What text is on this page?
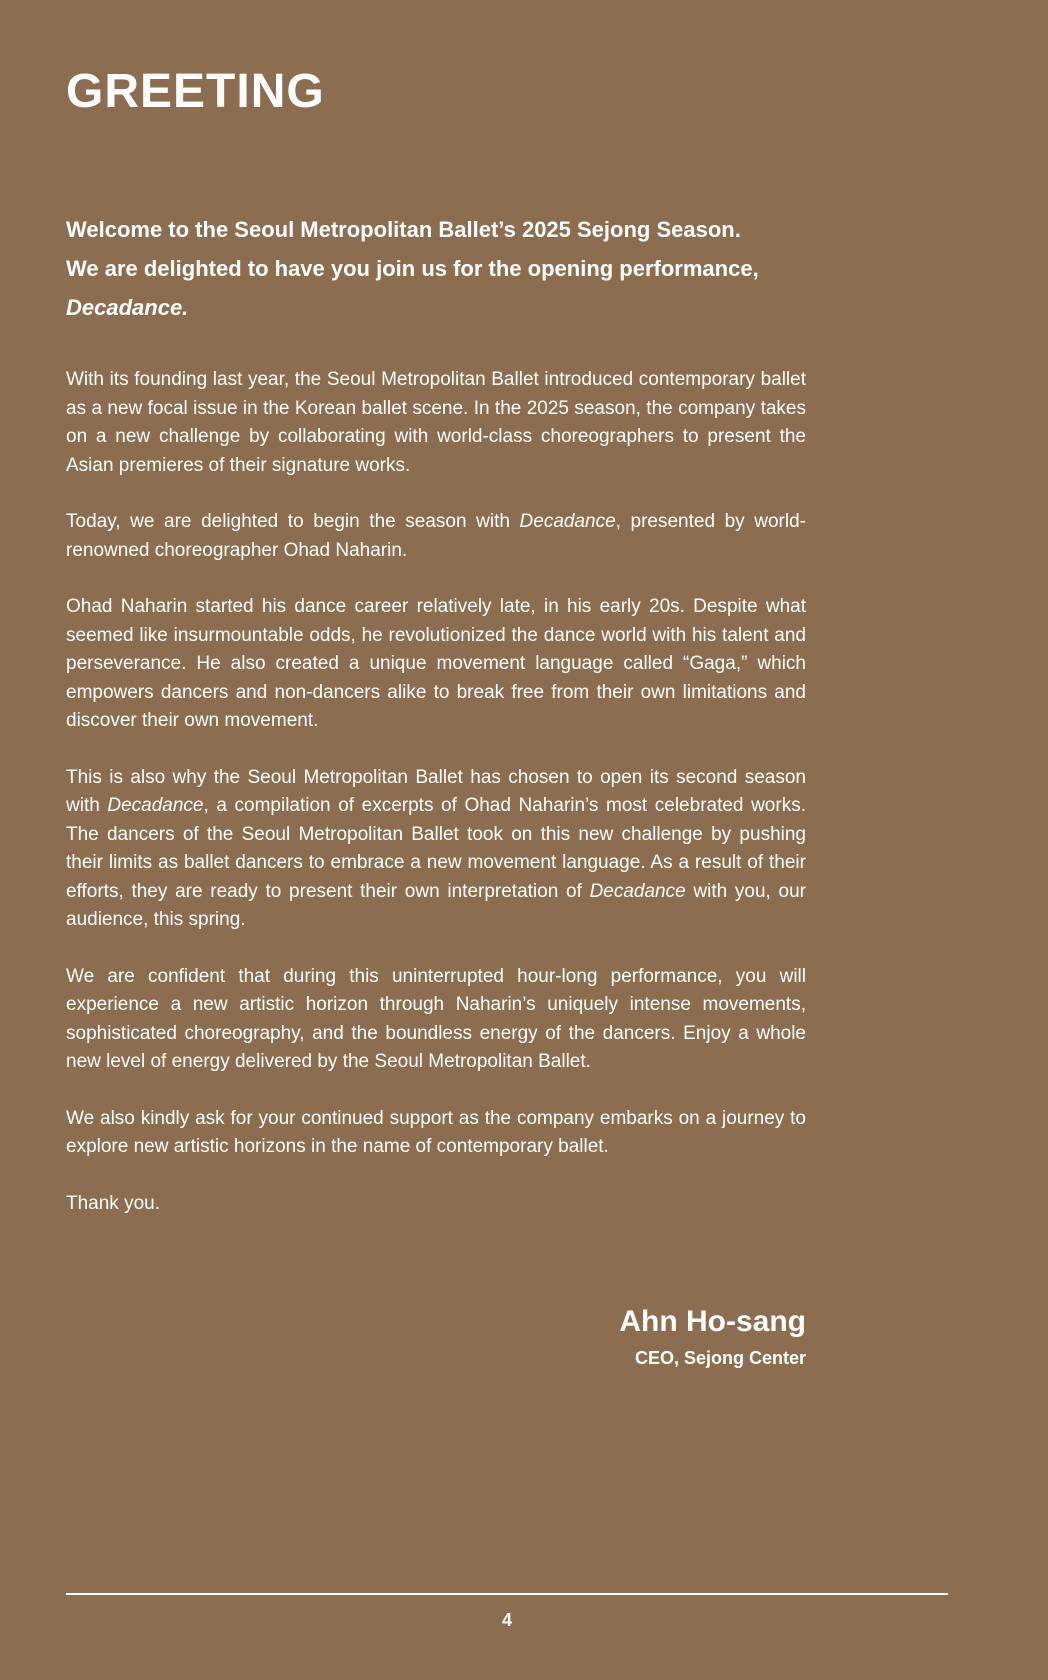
GREETING
Welcome to the Seoul Metropolitan Ballet’s 2025 Sejong Season.
We are delighted to have you join us for the opening performance,
Decadance.

With its founding last year, the Seoul Metropolitan Ballet introduced contemporary ballet as a new focal issue in the Korean ballet scene. In the 2025 season, the company takes on a new challenge by collaborating with world-class choreographers to present the Asian premieres of their signature works.

Today, we are delighted to begin the season with Decadance, presented by world-renowned choreographer Ohad Naharin.

Ohad Naharin started his dance career relatively late, in his early 20s. Despite what seemed like insurmountable odds, he revolutionized the dance world with his talent and perseverance. He also created a unique movement language called “Gaga,” which empowers dancers and non-dancers alike to break free from their own limitations and discover their own movement.

This is also why the Seoul Metropolitan Ballet has chosen to open its second season with Decadance, a compilation of excerpts of Ohad Naharin’s most celebrated works. The dancers of the Seoul Metropolitan Ballet took on this new challenge by pushing their limits as ballet dancers to embrace a new movement language. As a result of their efforts, they are ready to present their own interpretation of Decadance with you, our audience, this spring.

We are confident that during this uninterrupted hour-long performance, you will experience a new artistic horizon through Naharin’s uniquely intense movements, sophisticated choreography, and the boundless energy of the dancers. Enjoy a whole new level of energy delivered by the Seoul Metropolitan Ballet.

We also kindly ask for your continued support as the company embarks on a journey to explore new artistic horizons in the name of contemporary ballet.

Thank you.

Ahn Ho-sang
CEO, Sejong Center
4
